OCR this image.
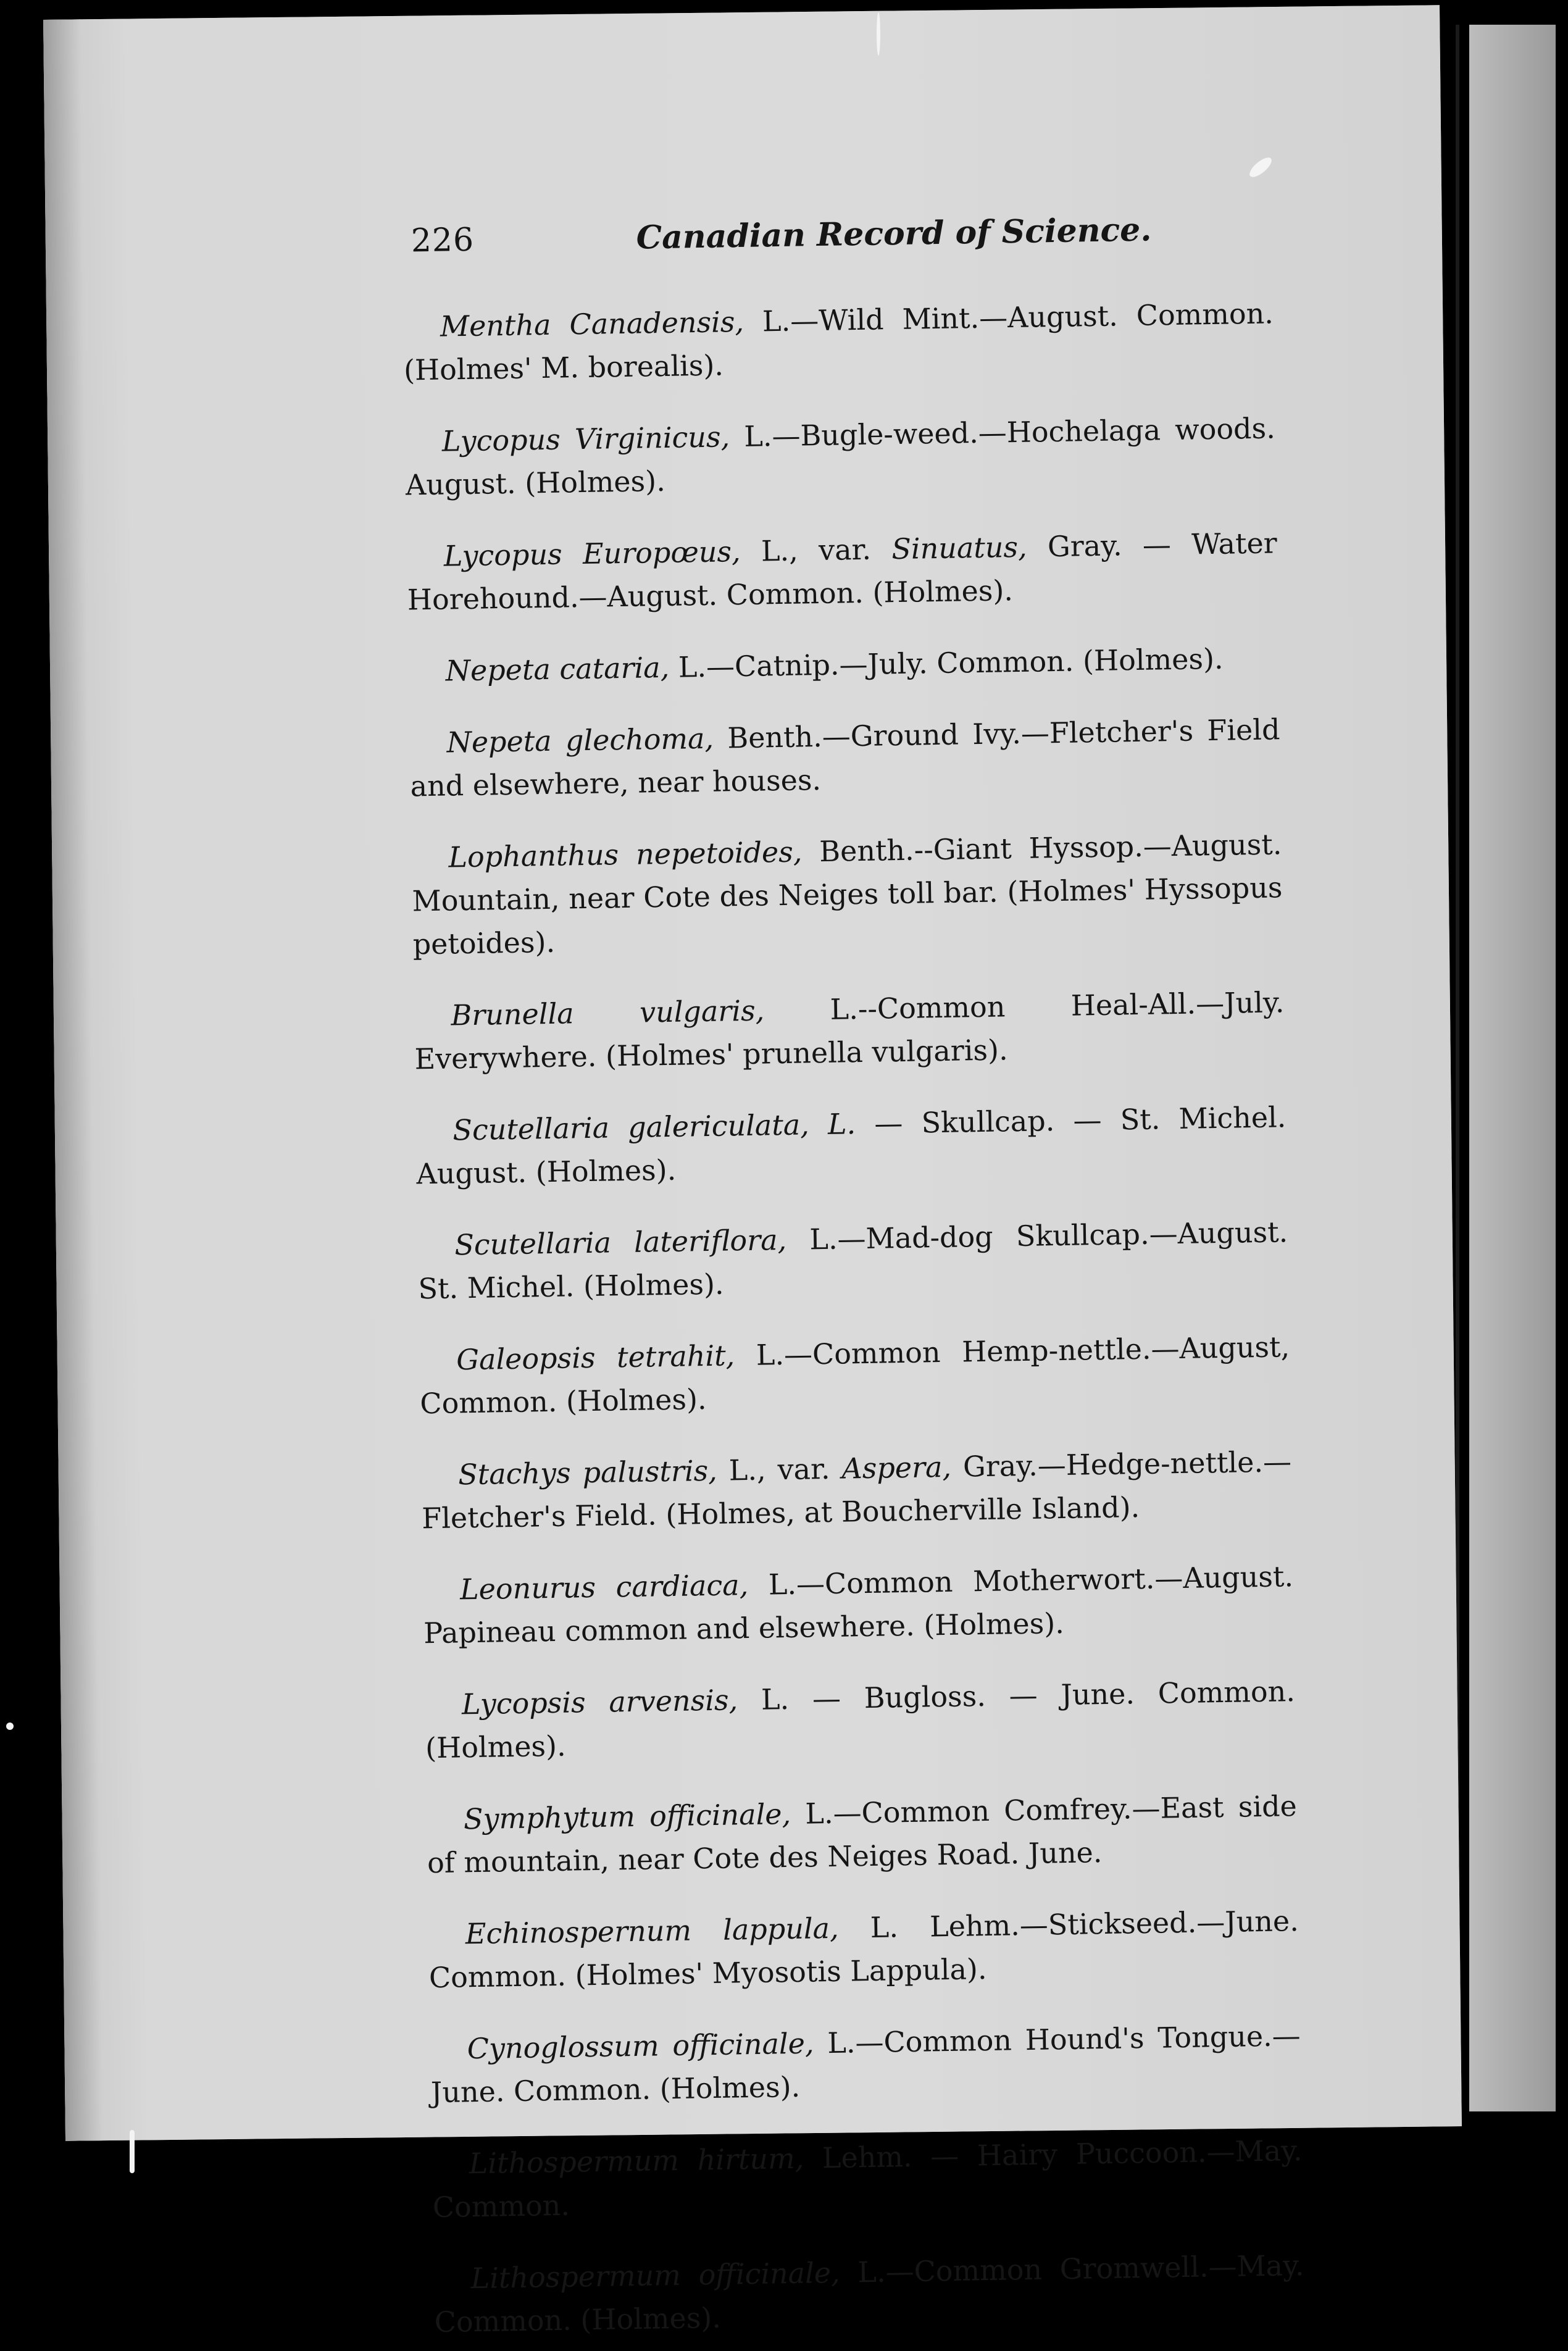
226	Canadian Record of Science.

Mentha Canadensis, L.—Wild Mint.—August. Common. (Holmes' M. borealis).

Lycopus Virginicus, L.—Bugle-weed.—Hochelaga woods. August. (Holmes).

Lycopus Europœus, L., var. Sinuatus, Gray. — Water Horehound.—August. Common. (Holmes).

Nepeta cataria, L.—Catnip.—July. Common. (Holmes).

Nepeta glechoma, Benth.—Ground Ivy.—Fletcher's Field and elsewhere, near houses.

Lophanthus nepetoides, Benth.--Giant Hyssop.—August. Mountain, near Cote des Neiges toll bar. (Holmes' Hyssopus petoides).

Brunella vulgaris, L.--Common Heal-All.—July. Everywhere. (Holmes' prunella vulgaris).

Scutellaria galericulata, L. — Skullcap. — St. Michel. August. (Holmes).

Scutellaria lateriflora, L.—Mad-dog Skullcap.—August. St. Michel. (Holmes).

Galeopsis tetrahit, L.—Common Hemp-nettle.—August, Common. (Holmes).

Stachys palustris, L., var. Aspera, Gray.—Hedge-nettle.— Fletcher's Field. (Holmes, at Boucherville Island).

Leonurus cardiaca, L.—Common Motherwort.—August. Papineau common and elsewhere. (Holmes).

Lycopsis arvensis, L. — Bugloss. — June. Common. (Holmes).

Symphytum officinale, L.—Common Comfrey.—East side of mountain, near Cote des Neiges Road. June.

Echinospernum lappula, L. Lehm.—Stickseed.—June. Common. (Holmes' Myosotis Lappula).

Cynoglossum officinale, L.—Common Hound's Tongue.— June. Common. (Holmes).

Lithospermum hirtum, Lehm. — Hairy Puccoon.—May. Common.

Lithospermum officinale, L.—Common Gromwell.—May. Common. (Holmes).
